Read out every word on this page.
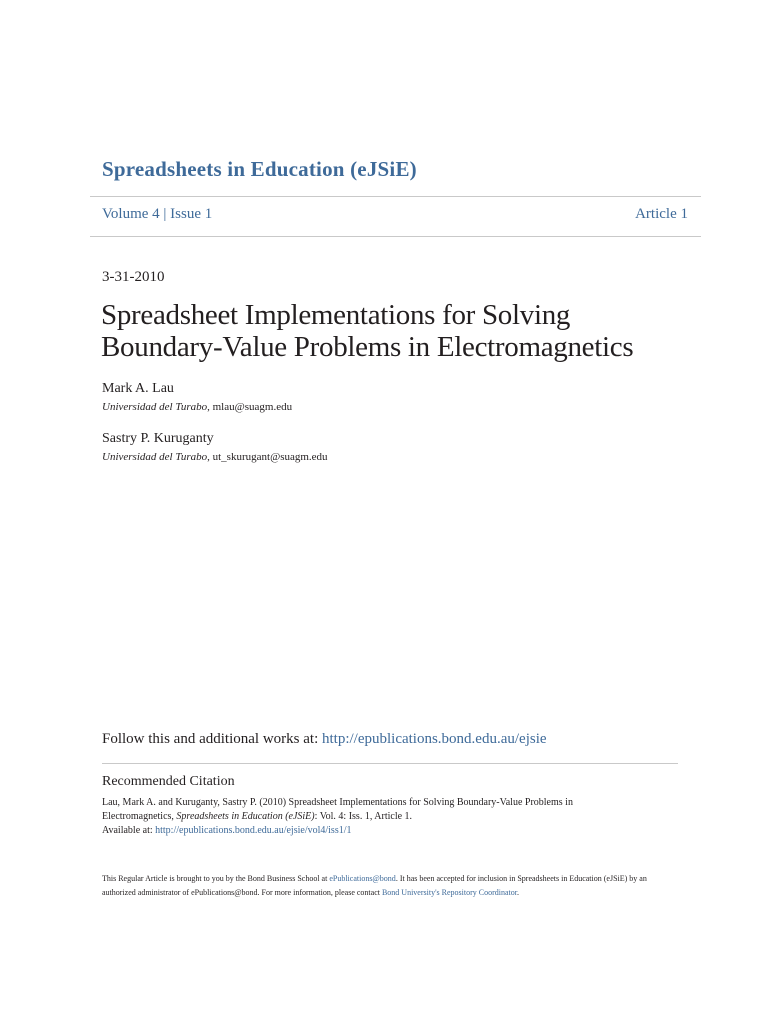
Spreadsheets in Education (eJSiE)
Volume 4 | Issue 1	Article 1
3-31-2010
Spreadsheet Implementations for Solving
Boundary-Value Problems in Electromagnetics
Mark A. Lau
Universidad del Turabo, mlau@suagm.edu
Sastry P. Kuruganty
Universidad del Turabo, ut_skurugant@suagm.edu
Follow this and additional works at: http://epublications.bond.edu.au/ejsie
Recommended Citation
Lau, Mark A. and Kuruganty, Sastry P. (2010) Spreadsheet Implementations for Solving Boundary-Value Problems in
Electromagnetics, Spreadsheets in Education (eJSiE): Vol. 4: Iss. 1, Article 1.
Available at: http://epublications.bond.edu.au/ejsie/vol4/iss1/1
This Regular Article is brought to you by the Bond Business School at ePublications@bond. It has been accepted for inclusion in Spreadsheets in Education (eJSiE) by an authorized administrator of ePublications@bond. For more information, please contact Bond University's Repository Coordinator.
